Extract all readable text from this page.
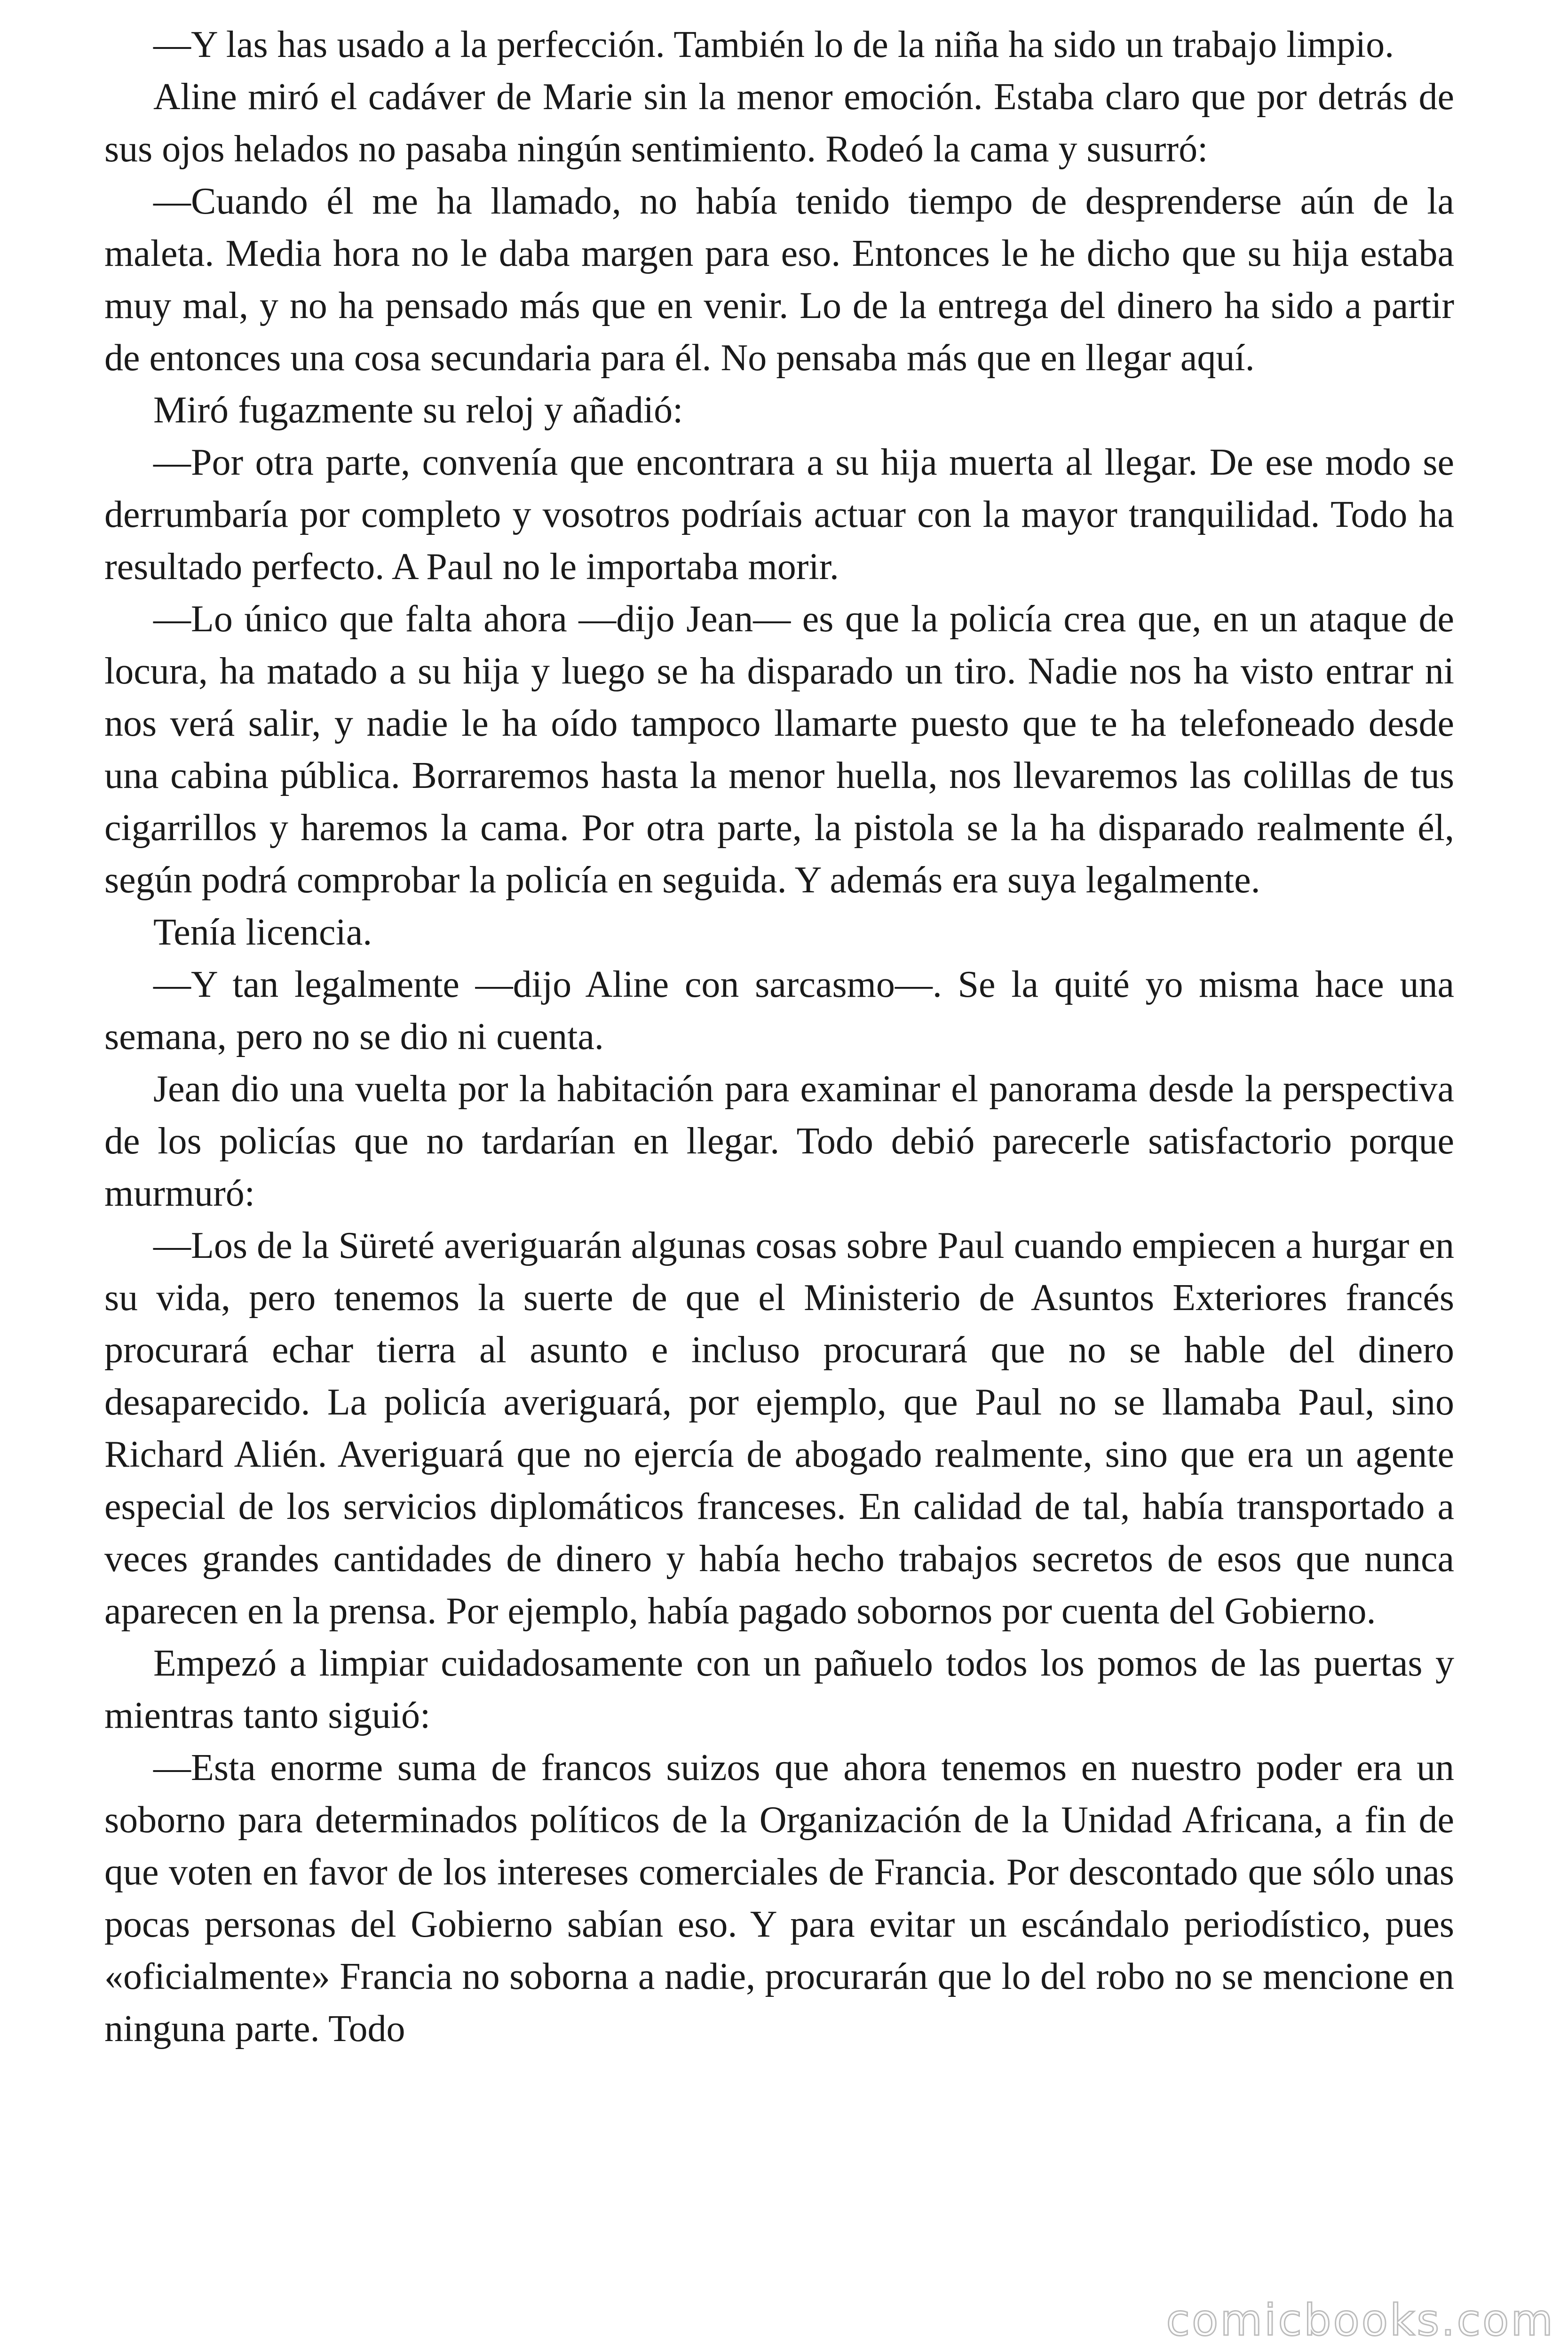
—Y las has usado a la perfección. También lo de la niña ha sido un trabajo limpio.

Aline miró el cadáver de Marie sin la menor emoción. Estaba claro que por detrás de sus ojos helados no pasaba ningún sentimiento. Rodeó la cama y susurró:

—Cuando él me ha llamado, no había tenido tiempo de desprenderse aún de la maleta. Media hora no le daba margen para eso. Entonces le he dicho que su hija estaba muy mal, y no ha pensado más que en venir. Lo de la entrega del dinero ha sido a partir de entonces una cosa secundaria para él. No pensaba más que en llegar aquí.

Miró fugazmente su reloj y añadió:

—Por otra parte, convenía que encontrara a su hija muerta al llegar. De ese modo se derrumbaría por completo y vosotros podríais actuar con la mayor tranquilidad. Todo ha resultado perfecto. A Paul no le importaba morir.

—Lo único que falta ahora —dijo Jean— es que la policía crea que, en un ataque de locura, ha matado a su hija y luego se ha disparado un tiro. Nadie nos ha visto entrar ni nos verá salir, y nadie le ha oído tampoco llamarte puesto que te ha telefoneado desde una cabina pública. Borraremos hasta la menor huella, nos llevaremos las colillas de tus cigarrillos y haremos la cama. Por otra parte, la pistola se la ha disparado realmente él, según podrá comprobar la policía en seguida. Y además era suya legalmente.

Tenía licencia.

—Y tan legalmente —dijo Aline con sarcasmo—. Se la quité yo misma hace una semana, pero no se dio ni cuenta.

Jean dio una vuelta por la habitación para examinar el panorama desde la perspectiva de los policías que no tardarían en llegar. Todo debió parecerle satisfactorio porque murmuró:

—Los de la Süreté averiguarán algunas cosas sobre Paul cuando empiecen a hurgar en su vida, pero tenemos la suerte de que el Ministerio de Asuntos Exteriores francés procurará echar tierra al asunto e incluso procurará que no se hable del dinero desaparecido. La policía averiguará, por ejemplo, que Paul no se llamaba Paul, sino Richard Alién. Averiguará que no ejercía de abogado realmente, sino que era un agente especial de los servicios diplomáticos franceses. En calidad de tal, había transportado a veces grandes cantidades de dinero y había hecho trabajos secretos de esos que nunca aparecen en la prensa. Por ejemplo, había pagado sobornos por cuenta del Gobierno.

Empezó a limpiar cuidadosamente con un pañuelo todos los pomos de las puertas y mientras tanto siguió:

—Esta enorme suma de francos suizos que ahora tenemos en nuestro poder era un soborno para determinados políticos de la Organización de la Unidad Africana, a fin de que voten en favor de los intereses comerciales de Francia. Por descontado que sólo unas pocas personas del Gobierno sabían eso. Y para evitar un escándalo periodístico, pues «oficialmente» Francia no soborna a nadie, procurarán que lo del robo no se mencione en ninguna parte. Todo

comicbooks.com
